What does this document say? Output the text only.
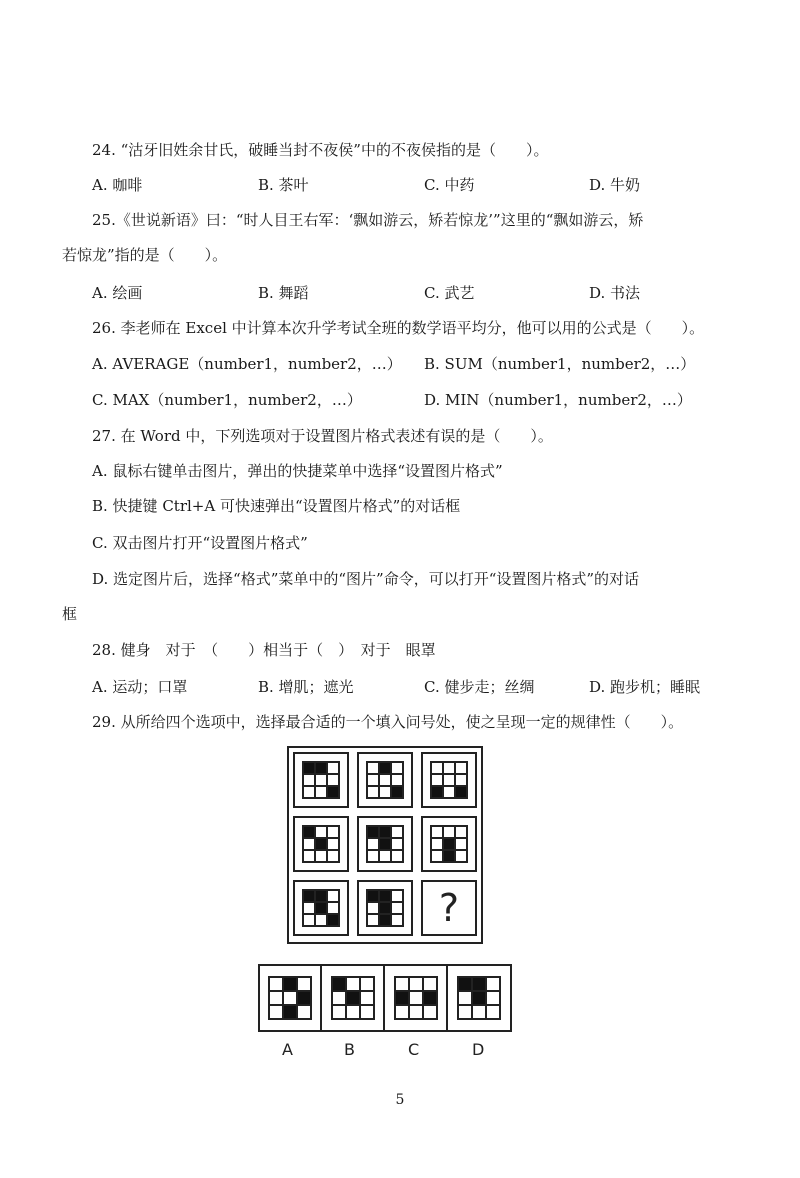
24. “沽牙旧姓余甘氏，破睡当封不夜侯”中的不夜侯指的是（　　）。
A. 咖啡	B. 茶叶	C. 中药	D. 牛奶
25.《世说新语》曰：“时人目王右军：‘飘如游云，矫若惊龙’”这里的“飘如游云，矫
若惊龙”指的是（　　）。
A. 绘画	B. 舞蹈	C. 武艺	D. 书法
26. 李老师在 Excel 中计算本次升学考试全班的数学语平均分，他可以用的公式是（　　）。
A. AVERAGE（number1，number2，…） B. SUM（number1，number2，…）
C. MAX（number1，number2，…）	D. MIN（number1，number2，…）
27. 在 Word 中，下列选项对于设置图片格式表述有误的是（　　）。
A. 鼠标右键单击图片，弹出的快捷菜单中选择“设置图片格式”
B. 快捷键 Ctrl+A 可快速弹出“设置图片格式”的对话框
C. 双击图片打开“设置图片格式”
D. 选定图片后，选择“格式”菜单中的“图片”命令，可以打开“设置图片格式”的对话
框
28. 健身　对于　（　　）相当于（　）　对于　眼罩
A. 运动；口罩	B. 增肌；遮光	C. 健步走；丝绸	D. 跑步机；睡眠
29. 从所给四个选项中，选择最合适的一个填入问号处，使之呈现一定的规律性（　　）。
?
A	B	C	D
5
